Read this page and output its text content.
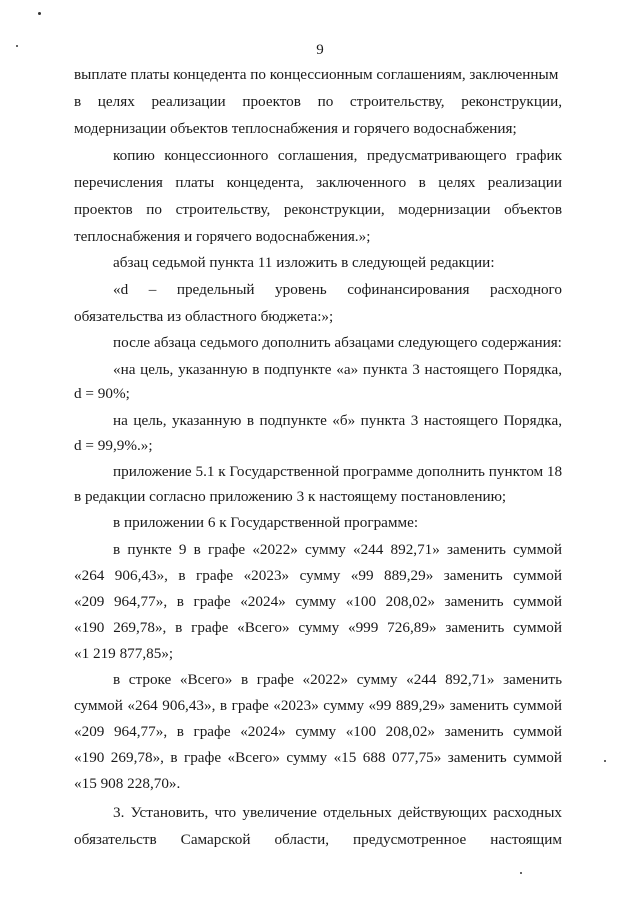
9
выплате платы концедента по концессионным соглашениям, заключенным
в целях реализации проектов по строительству, реконструкции,
модернизации объектов теплоснабжения и горячего водоснабжения;
копию концессионного соглашения, предусматривающего график
перечисления платы концедента, заключенного в целях реализации
проектов по строительству, реконструкции, модернизации объектов
теплоснабжения и горячего водоснабжения.»;
абзац седьмой пункта 11 изложить в следующей редакции:
«d – предельный уровень софинансирования расходного
обязательства из областного бюджета:»;
после абзаца седьмого дополнить абзацами следующего содержания:
«на цель, указанную в подпункте «а» пункта 3 настоящего Порядка,
d = 90%;
на цель, указанную в подпункте «б» пункта 3 настоящего Порядка,
d = 99,9%.»;
приложение 5.1 к Государственной программе дополнить пунктом 18
в редакции согласно приложению 3 к настоящему постановлению;
в приложении 6 к Государственной программе:
в пункте 9 в графе «2022» сумму «244 892,71» заменить суммой
«264 906,43», в графе «2023» сумму «99 889,29» заменить суммой
«209 964,77», в графе «2024» сумму «100 208,02» заменить суммой
«190 269,78», в графе «Всего» сумму «999 726,89» заменить суммой
«1 219 877,85»;
в строке «Всего» в графе «2022» сумму «244 892,71» заменить
суммой «264 906,43», в графе «2023» сумму «99 889,29» заменить суммой
«209 964,77», в графе «2024» сумму «100 208,02» заменить суммой
«190 269,78», в графе «Всего» сумму «15 688 077,75» заменить суммой
«15 908 228,70».
3. Установить, что увеличение отдельных действующих расходных
обязательств Самарской области, предусмотренное настоящим
